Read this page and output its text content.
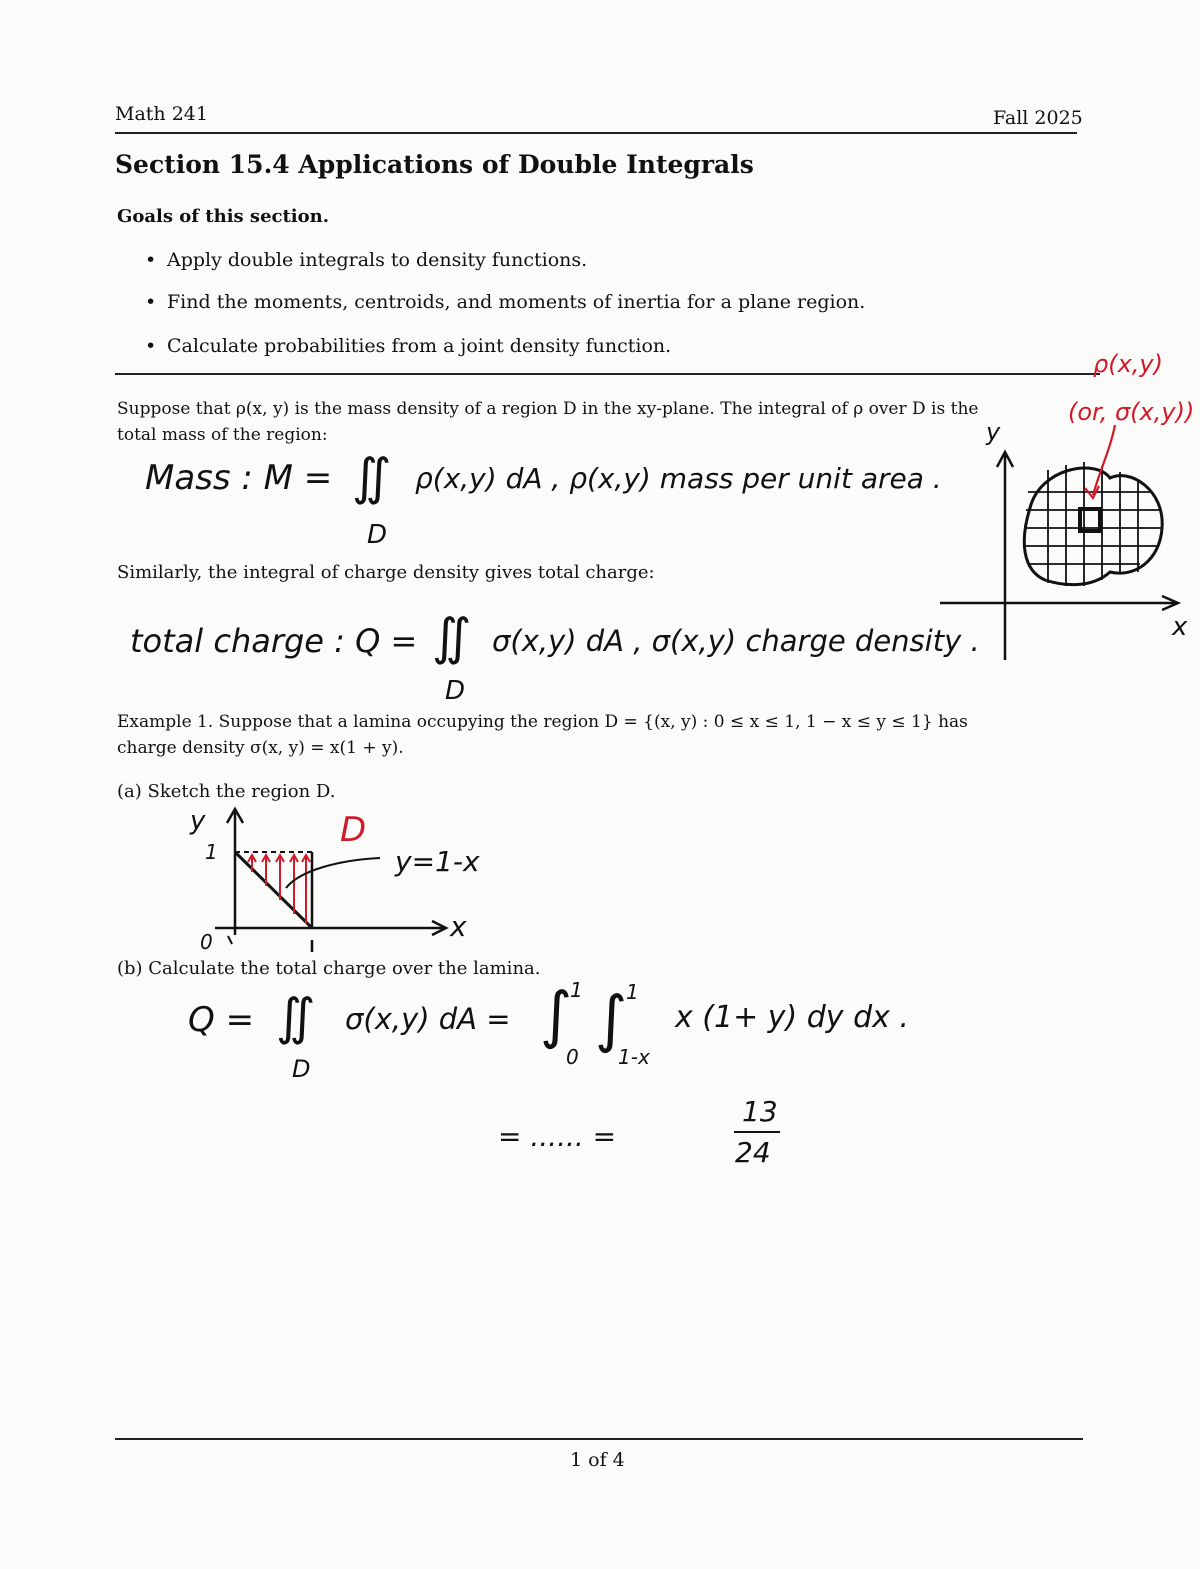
Math 241	Fall 2025
Section 15.4 Applications of Double Integrals
Goals of this section.
• Apply double integrals to density functions.
• Find the moments, centroids, and moments of inertia for a plane region.
• Calculate probabilities from a joint density function.
Suppose that ρ(x, y) is the mass density of a region D in the xy-plane. The integral of ρ over D is the
total mass of the region:
Mass : M = ∬ ρ(x,y) dA , ρ(x,y) mass per unit area .
D
ρ(x,y)
(or, σ(x,y))
y
x
Similarly, the integral of charge density gives total charge:
total charge : Q = ∬ σ(x,y) dA , σ(x,y) charge density .
D
Example 1. Suppose that a lamina occupying the region D = {(x, y) : 0 ≤ x ≤ 1, 1 − x ≤ y ≤ 1} has
charge density σ(x, y) = x(1 + y).
(a) Sketch the region D.
D
y=1-x
y
x
1
0
(b) Calculate the total charge over the lamina.
Q = ∬ σ(x,y) dA =
D
∫
1
0
∫
1
1-x
x (1+ y) dy dx .
= ...... =
13
24
1 of 4
